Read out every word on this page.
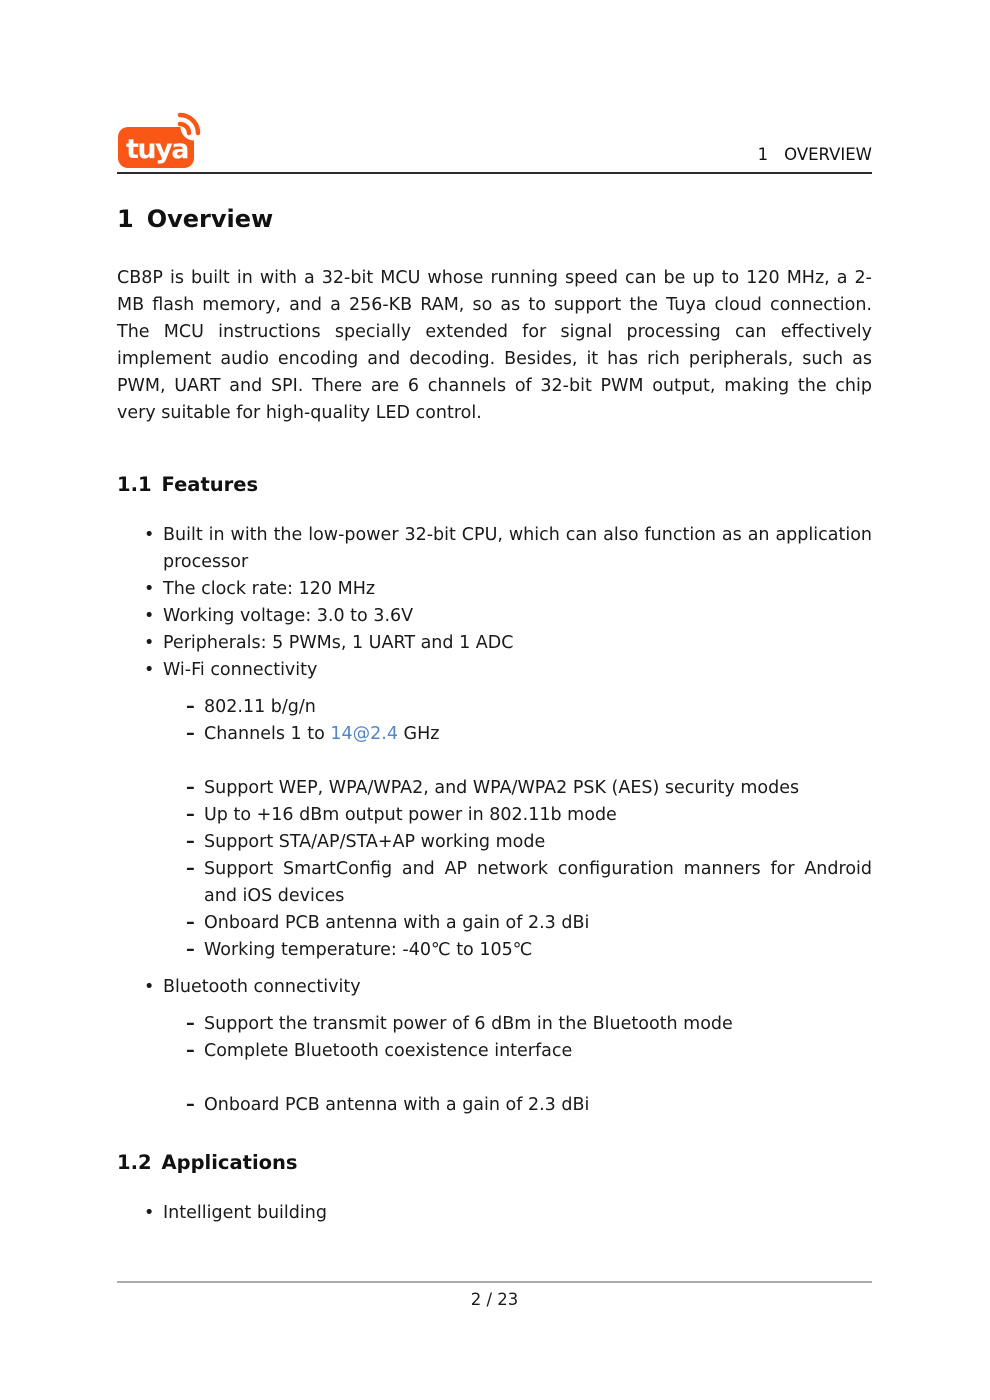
tuya	1 OVERVIEW
1 Overview

CB8P is built in with a 32-bit MCU whose running speed can be up to 120 MHz, a 2-MB flash memory, and a 256-KB RAM, so as to support the Tuya cloud connection. The MCU instructions specially extended for signal processing can effectively implement audio encoding and decoding. Besides, it has rich peripherals, such as PWM, UART and SPI. There are 6 channels of 32-bit PWM output, making the chip very suitable for high-quality LED control.

1.1 Features
• Built in with the low-power 32-bit CPU, which can also function as an application processor
• The clock rate: 120 MHz
• Working voltage: 3.0 to 3.6V
• Peripherals: 5 PWMs, 1 UART and 1 ADC
• Wi-Fi connectivity
– 802.11 b/g/n
– Channels 1 to 14@2.4 GHz
– Support WEP, WPA/WPA2, and WPA/WPA2 PSK (AES) security modes
– Up to +16 dBm output power in 802.11b mode
– Support STA/AP/STA+AP working mode
– Support SmartConfig and AP network configuration manners for Android and iOS devices
– Onboard PCB antenna with a gain of 2.3 dBi
– Working temperature: -40℃ to 105℃
• Bluetooth connectivity
– Support the transmit power of 6 dBm in the Bluetooth mode
– Complete Bluetooth coexistence interface
– Onboard PCB antenna with a gain of 2.3 dBi
1.2 Applications
• Intelligent building
2 / 23
